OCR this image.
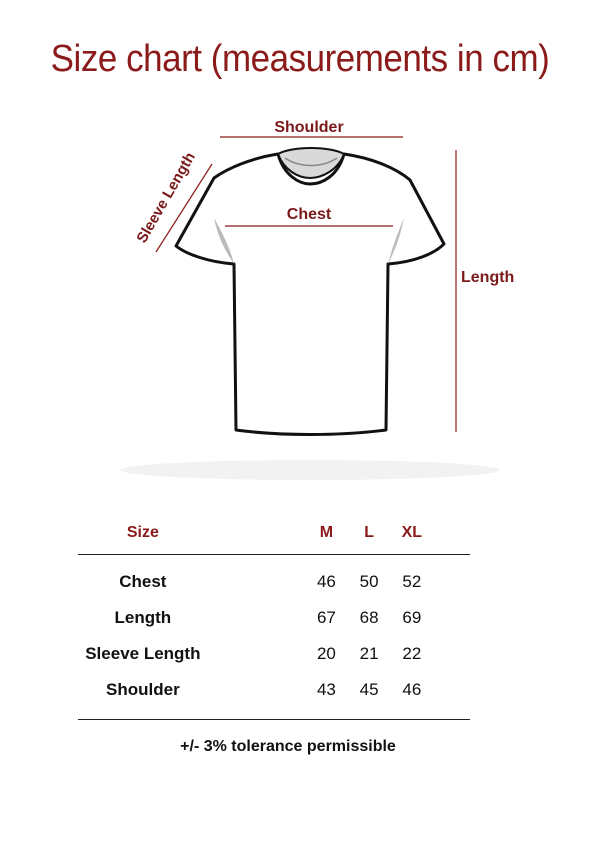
Size chart (measurements in cm)
Shoulder
Chest
Sleeve Length
Length
Size		M	L	XL	
Chest		46	50	52	
Length		67	68	69	
Sleeve Length		20	21	22	
Shoulder		43	45	46	
+/- 3% tolerance permissible
